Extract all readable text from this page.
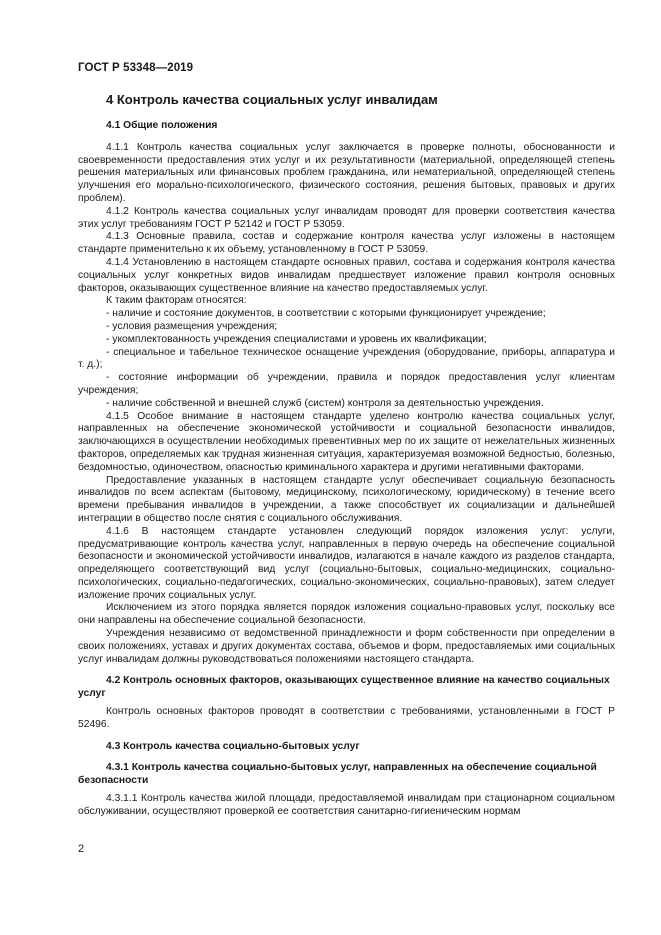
ГОСТ Р 53348—2019
4 Контроль качества социальных услуг инвалидам
4.1 Общие положения

4.1.1 Контроль качества социальных услуг заключается в проверке полноты, обоснованности и своевременности предоставления этих услуг и их результативности (материальной, определяющей степень решения материальных или финансовых проблем гражданина, или нематериальной, определяющей степень улучшения его морально-психологического, физического состояния, решения бытовых, правовых и других проблем).

4.1.2 Контроль качества социальных услуг инвалидам проводят для проверки соответствия качества этих услуг требованиям ГОСТ Р 52142 и ГОСТ Р 53059.

4.1.3 Основные правила, состав и содержание контроля качества услуг изложены в настоящем стандарте применительно к их объему, установленному в ГОСТ Р 53059.

4.1.4 Установлению в настоящем стандарте основных правил, состава и содержания контроля качества социальных услуг конкретных видов инвалидам предшествует изложение правил контроля основных факторов, оказывающих существенное влияние на качество предоставляемых услуг.

К таким факторам относятся:

- наличие и состояние документов, в соответствии с которыми функционирует учреждение;

- условия размещения учреждения;

- укомплектованность учреждения специалистами и уровень их квалификации;

- специальное и табельное техническое оснащение учреждения (оборудование, приборы, аппаратура и т. д.);

- состояние информации об учреждении, правила и порядок предоставления услуг клиентам учреждения;

- наличие собственной и внешней служб (систем) контроля за деятельностью учреждения.

4.1.5 Особое внимание в настоящем стандарте уделено контролю качества социальных услуг, направленных на обеспечение экономической устойчивости и социальной безопасности инвалидов, заключающихся в осуществлении необходимых превентивных мер по их защите от нежелательных жизненных факторов, определяемых как трудная жизненная ситуация, характеризуемая возможной бедностью, болезнью, бездомностью, одиночеством, опасностью криминального характера и другими негативными факторами.

Предоставление указанных в настоящем стандарте услуг обеспечивает социальную безопасность инвалидов по всем аспектам (бытовому, медицинскому, психологическому, юридическому) в течение всего времени пребывания инвалидов в учреждении, а также способствует их социализации и дальнейшей интеграции в общество после снятия с социального обслуживания.

4.1.6 В настоящем стандарте установлен следующий порядок изложения услуг: услуги, предусматривающие контроль качества услуг, направленных в первую очередь на обеспечение социальной безопасности и экономической устойчивости инвалидов, излагаются в начале каждого из разделов стандарта, определяющего соответствующий вид услуг (социально-бытовых, социально-медицинских, социально-психологических, социально-педагогических, социально-экономических, социально-правовых), затем следует изложение прочих социальных услуг.

Исключением из этого порядка является порядок изложения социально-правовых услуг, поскольку все они направлены на обеспечение социальной безопасности.

Учреждения независимо от ведомственной принадлежности и форм собственности при определении в своих положениях, уставах и других документах состава, объемов и форм, предоставляемых ими социальных услуг инвалидам должны руководствоваться положениями настоящего стандарта.

4.2 Контроль основных факторов, оказывающих существенное влияние на качество социальных услуг

Контроль основных факторов проводят в соответствии с требованиями, установленными в ГОСТ Р 52496.

4.3 Контроль качества социально-бытовых услуг
4.3.1 Контроль качества социально-бытовых услуг, направленных на обеспечение социальной безопасности

4.3.1.1 Контроль качества жилой площади, предоставляемой инвалидам при стационарном социальном обслуживании, осуществляют проверкой ее соответствия санитарно-гигиеническим нормам

2
